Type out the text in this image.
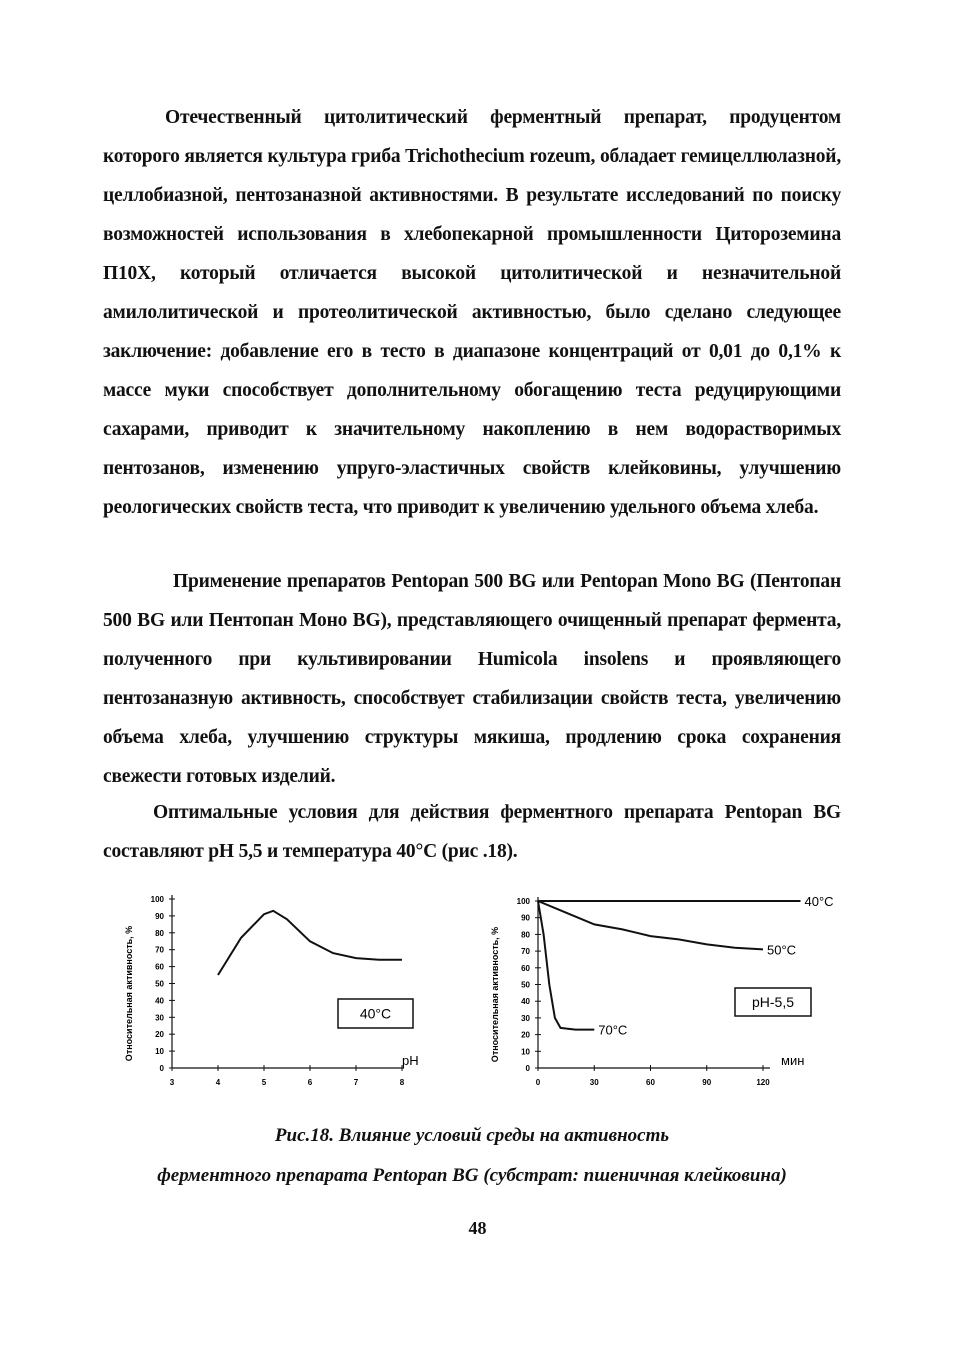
Отечественный цитолитический ферментный препарат, продуцентом которого является культура гриба Trichothecium rozeum, обладает гемицеллюлазной, целлобиазной, пентозаназной активностями. В результате исследований по поиску возможностей использования в хлебопекарной промышленности Цитороземина П10Х, который отличается высокой цитолитической и незначительной амилолитической и протеолитической активностью, было сделано следующее заключение: добавление его в тесто в диапазоне концентраций от 0,01 до 0,1% к массе муки способствует дополнительному обогащению теста редуцирующими сахарами, приводит к значительному накоплению в нем водорастворимых пентозанов, изменению упруго-эластичных свойств клейковины, улучшению реологических свойств теста, что приводит к увеличению удельного объема хлеба.

Применение препаратов Pentopan 500 BG или Pentopan Mono BG (Пентопан 500 BG или Пентопан Моно BG), представляющего очищенный препарат фермента, полученного при культивировании Humicola insolens и проявляющего пентозаназную активность, способствует стабилизации свойств теста, увеличению объема хлеба, улучшению структуры мякиша, продлению срока сохранения свежести готовых изделий.

Оптимальные условия для действия ферментного препарата Pentopan BG составляют pH 5,5 и температура 40°С (рис .18).

Относительная активность, %
0
10
20
30
40
50
60
70
80
90
100
3	4	5	6	7	8
pH
40°С	Относительная активность, %
0
10
20
30
40
50
60
70
80
90
100
0	30	60	90	120
мин
40°С
50°С
70°С
pH-5,5
Рис.18. Влияние условий среды на активность
ферментного препарата Pentopan BG (субстрат: пшеничная клейковина)
48
